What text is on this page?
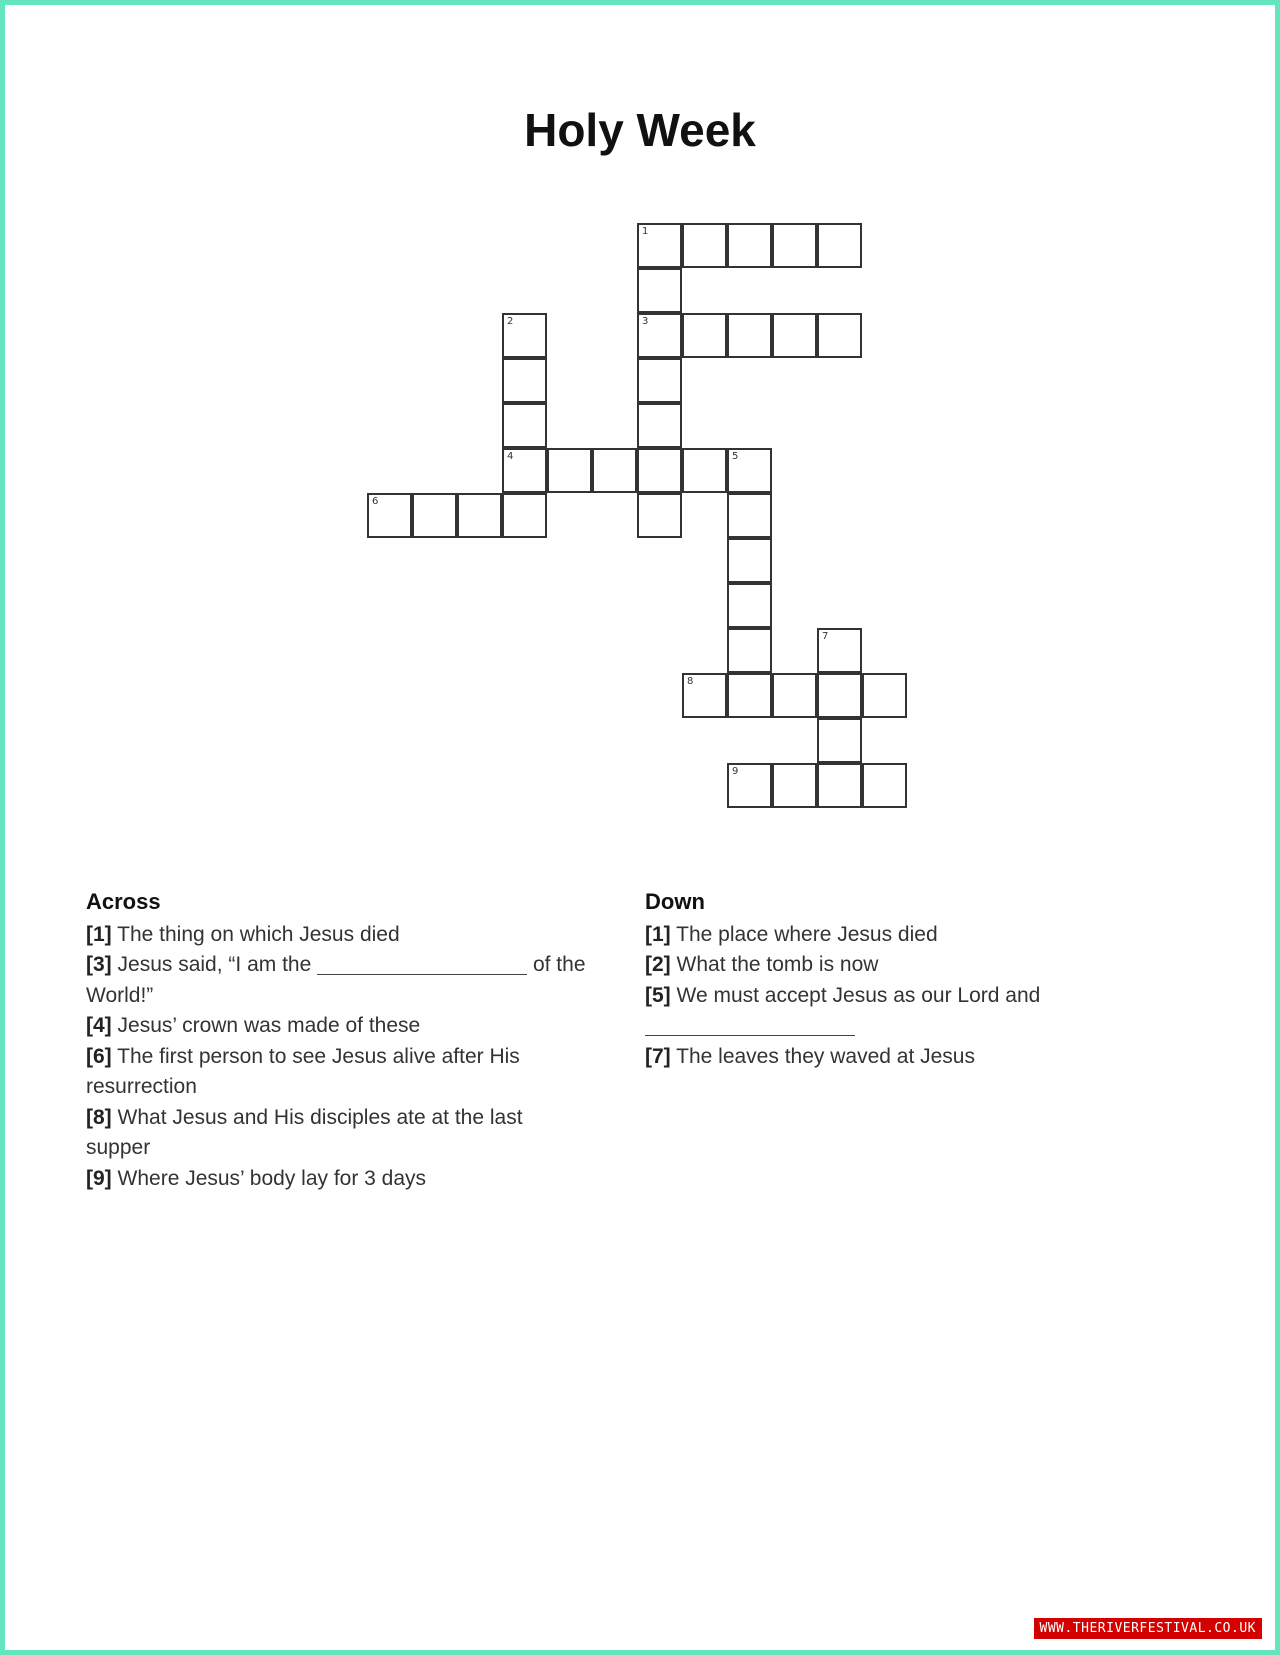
Holy Week
1
2	3
4	5
6
7
8
9
Across
[1] The thing on which Jesus died
[3] Jesus said, “I am the	of the World!”
[4] Jesus’ crown was made of these
[6] The first person to see Jesus alive after His resurrection
[8] What Jesus and His disciples ate at the last supper
[9] Where Jesus’ body lay for 3 days
Down
[1] The place where Jesus died
[2] What the tomb is now
[5] We must accept Jesus as our Lord and

[7] The leaves they waved at Jesus
WWW.THERIVERFESTIVAL.CO.UK
